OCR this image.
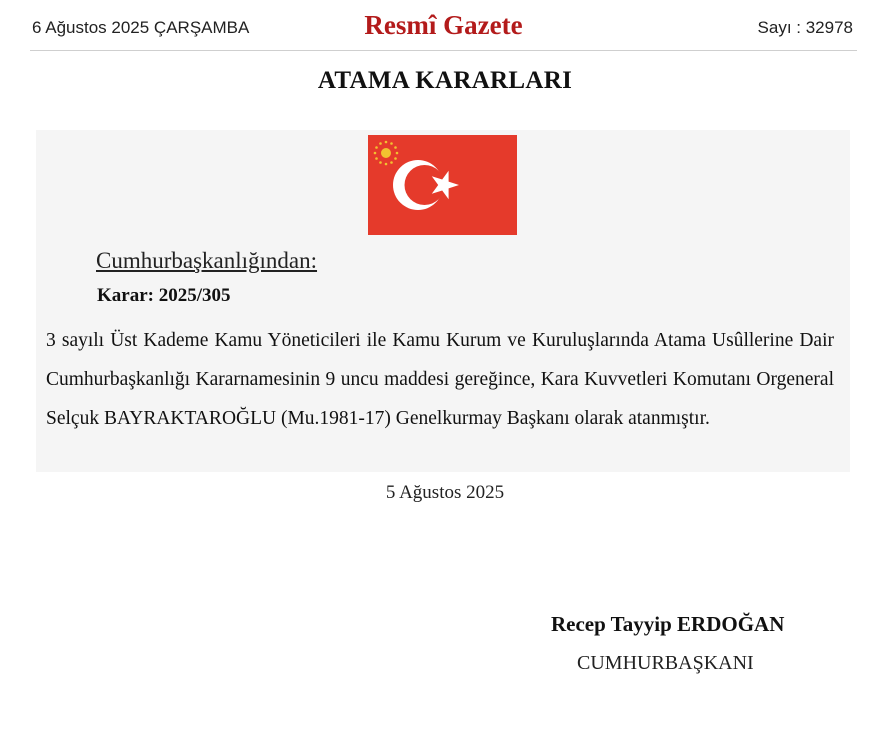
6 Ağustos 2025 ÇARŞAMBA	Resmî Gazete	Sayı : 32978
ATAMA KARARLARI
Cumhurbaşkanlığından:
Karar: 2025/305
3 sayılı Üst Kademe Kamu Yöneticileri ile Kamu Kurum ve Kuruluşlarında Atama Usûllerine Dair Cumhurbaşkanlığı Kararnamesinin 9 uncu maddesi gereğince, Kara Kuvvetleri Komutanı Orgeneral Selçuk BAYRAKTAROĞLU (Mu.1981-17) Genelkurmay Başkanı olarak atanmıştır.
5 Ağustos 2025
Recep Tayyip ERDOĞAN
CUMHURBAŞKANI
